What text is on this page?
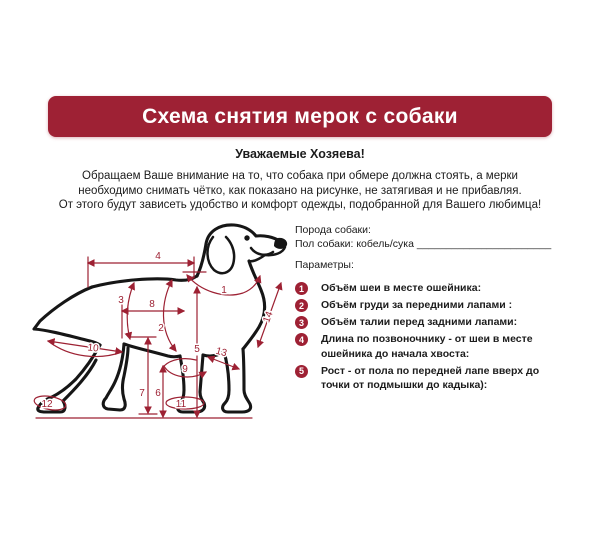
Схема снятия мерок с собаки
Уважаемые Хозяева!
Обращаем Ваше внимание на то, что собака при обмере должна стоять, а мерки
необходимо снимать чётко, как показано на рисунке, не затягивая и не прибавляя.
От этого будут зависеть удобство и комфорт одежды, подобранной для Вашего любимца!
4
1
3	8
2
5
14
13
9
10
7 6
11
12
Порода собаки:
Пол собаки: кобель/сука _______________________
Параметры:
1	Объём шеи в месте ошейника:
2	Объём груди за передними лапами :
3	Объём талии перед задними лапами:
4	Длина по позвоночнику - от шеи в месте ошейника до начала хвоста:
5	Рост - от пола по передней лапе вверх до точки от подмышки до кадыка):
